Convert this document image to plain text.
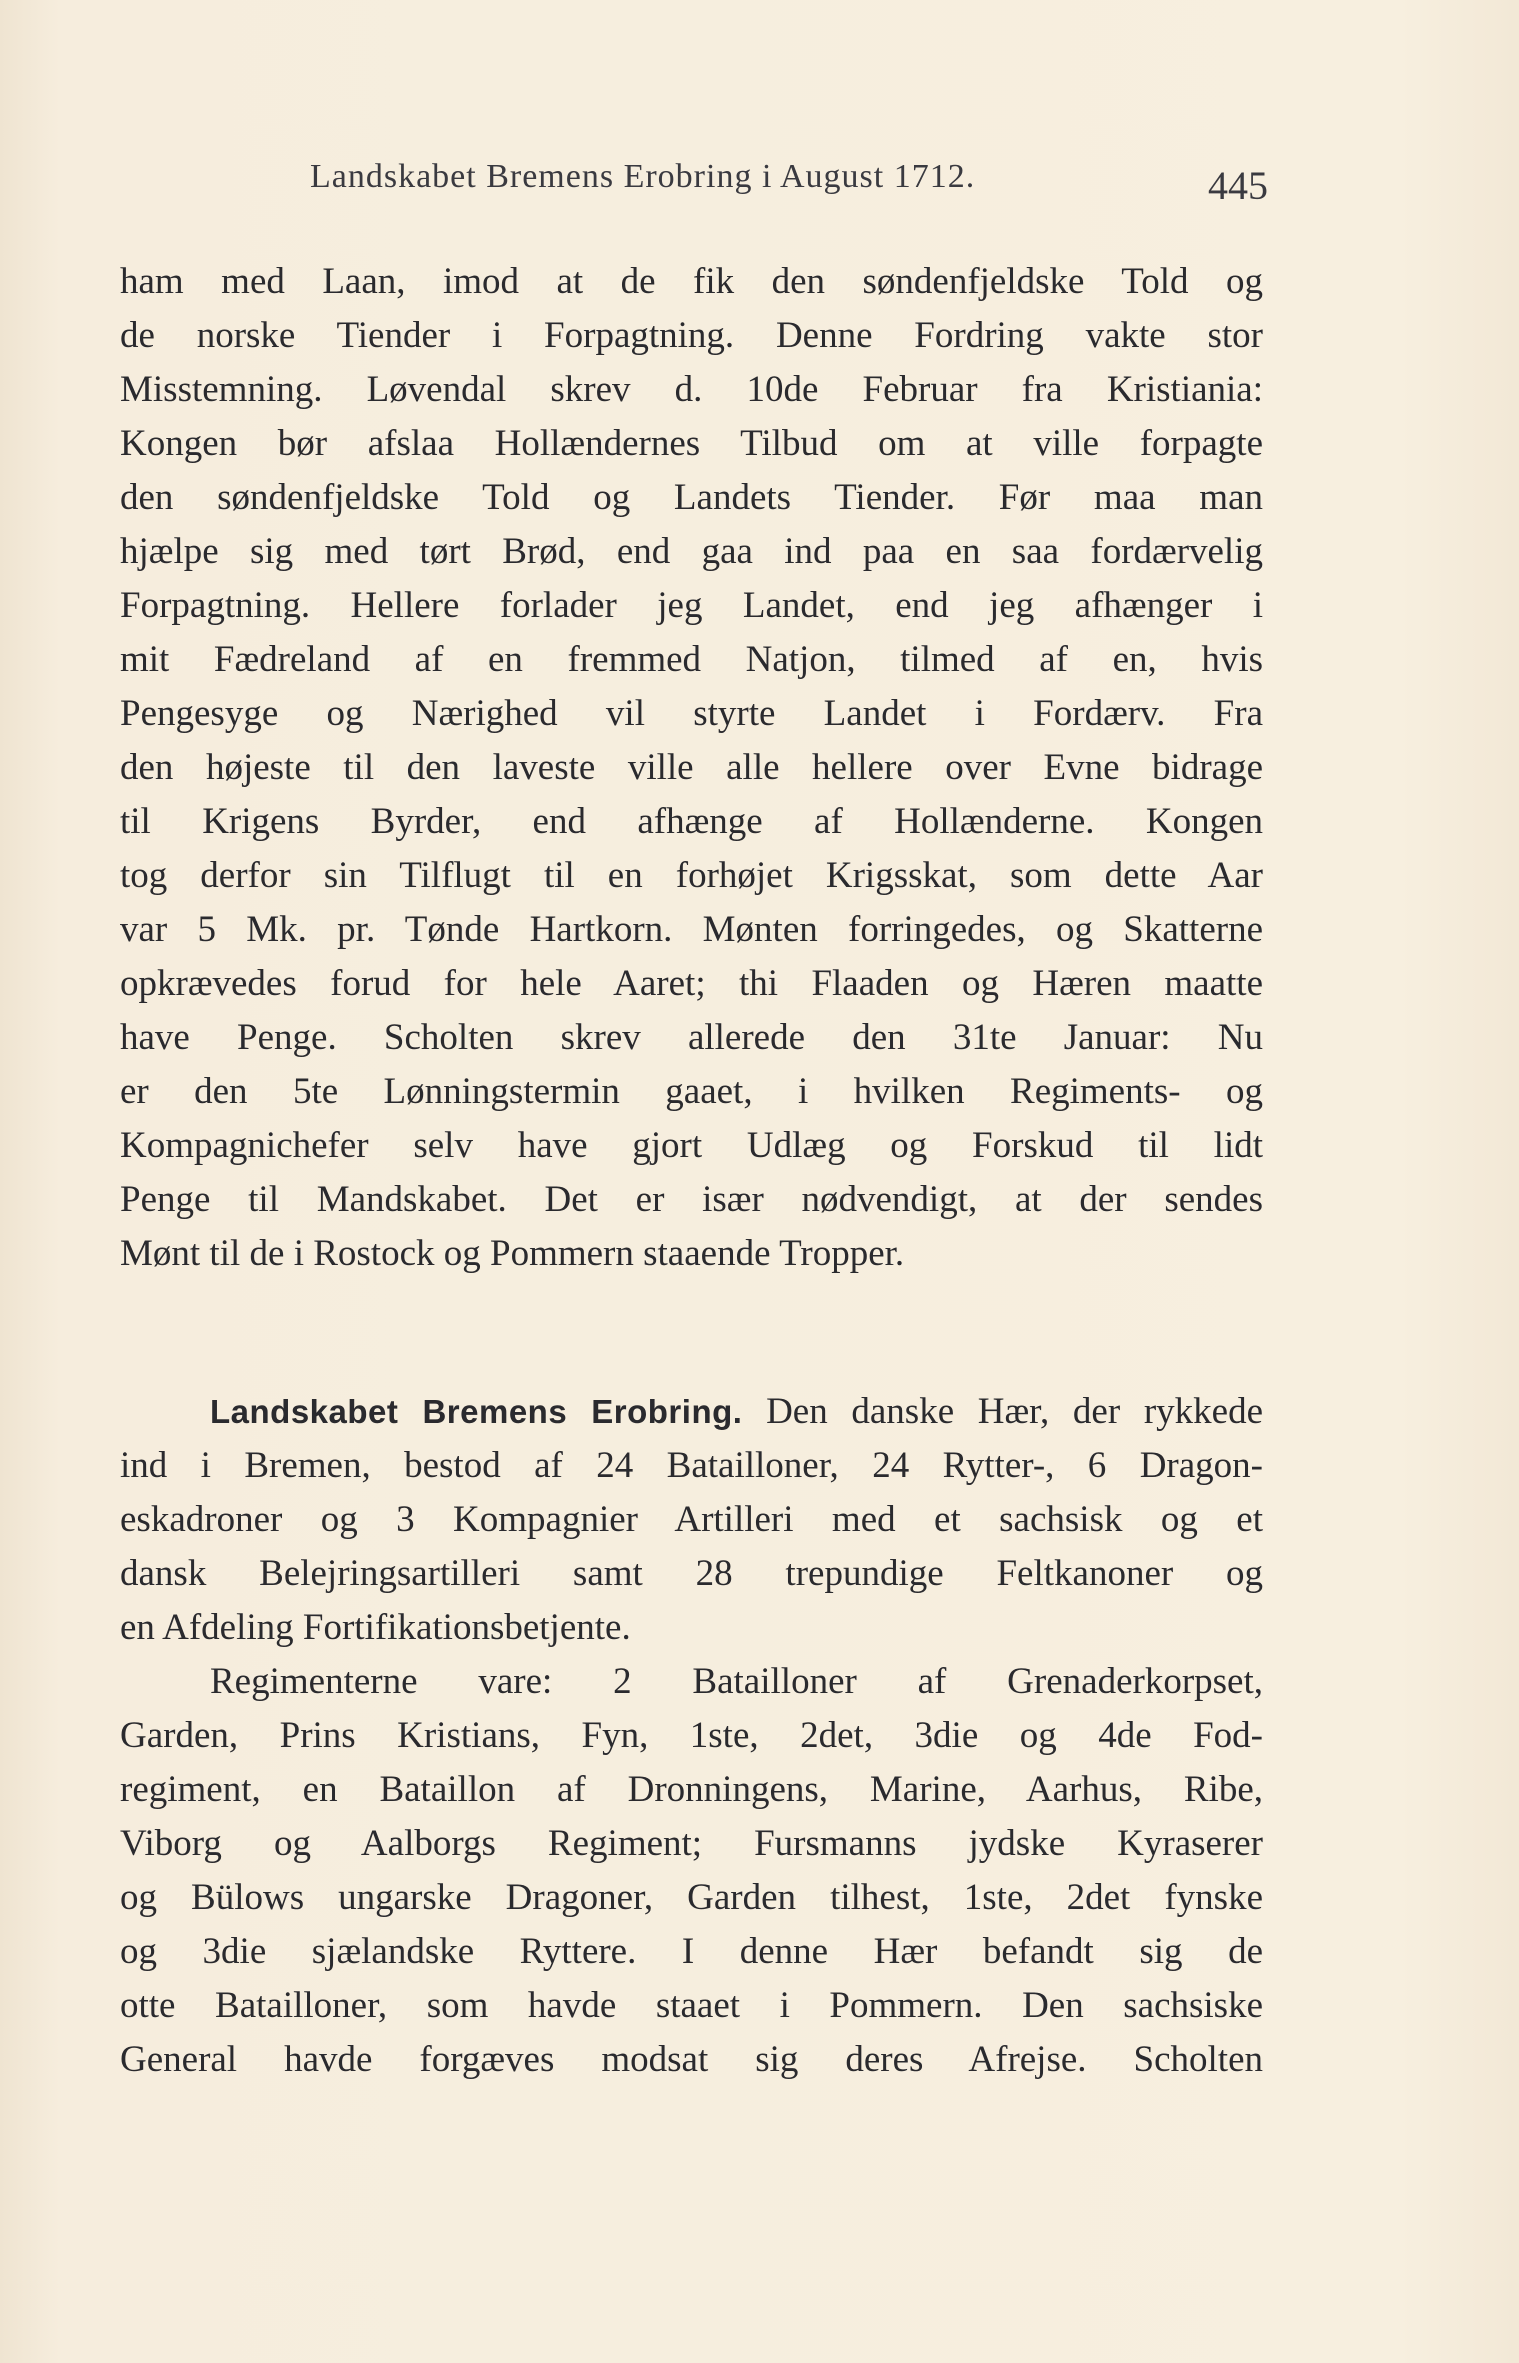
Landskabet Bremens Erobring i August 1712.	445
ham med Laan, imod at de fik den søndenfjeldske Told og
de norske Tiender i Forpagtning. Denne Fordring vakte stor
Misstemning. Løvendal skrev d. 10de Februar fra Kristiania:
Kongen bør afslaa Hollændernes Tilbud om at ville forpagte
den søndenfjeldske Told og Landets Tiender. Før maa man
hjælpe sig med tørt Brød, end gaa ind paa en saa fordærvelig
Forpagtning. Hellere forlader jeg Landet, end jeg afhænger i
mit Fædreland af en fremmed Natjon, tilmed af en, hvis
Pengesyge og Nærighed vil styrte Landet i Fordærv. Fra
den højeste til den laveste ville alle hellere over Evne bidrage
til Krigens Byrder, end afhænge af Hollænderne. Kongen
tog derfor sin Tilflugt til en forhøjet Krigsskat, som dette Aar
var 5 Mk. pr. Tønde Hartkorn. Mønten forringedes, og Skatterne
opkrævedes forud for hele Aaret; thi Flaaden og Hæren maatte
have Penge. Scholten skrev allerede den 31te Januar: Nu
er den 5te Lønningstermin gaaet, i hvilken Regiments- og
Kompagnichefer selv have gjort Udlæg og Forskud til lidt
Penge til Mandskabet. Det er især nødvendigt, at der sendes
Mønt til de i Rostock og Pommern staaende Tropper.
Landskabet Bremens Erobring. Den danske Hær, der rykkede
ind i Bremen, bestod af 24 Batailloner, 24 Rytter-, 6 Dragon-
eskadroner og 3 Kompagnier Artilleri med et sachsisk og et
dansk Belejringsartilleri samt 28 trepundige Feltkanoner og
en Afdeling Fortifikationsbetjente.
Regimenterne vare: 2 Batailloner af Grenaderkorpset,
Garden, Prins Kristians, Fyn, 1ste, 2det, 3die og 4de Fod-
regiment, en Bataillon af Dronningens, Marine, Aarhus, Ribe,
Viborg og Aalborgs Regiment; Fursmanns jydske Kyraserer
og Bülows ungarske Dragoner, Garden tilhest, 1ste, 2det fynske
og 3die sjælandske Ryttere. I denne Hær befandt sig de
otte Batailloner, som havde staaet i Pommern. Den sachsiske
General havde forgæves modsat sig deres Afrejse. Scholten
